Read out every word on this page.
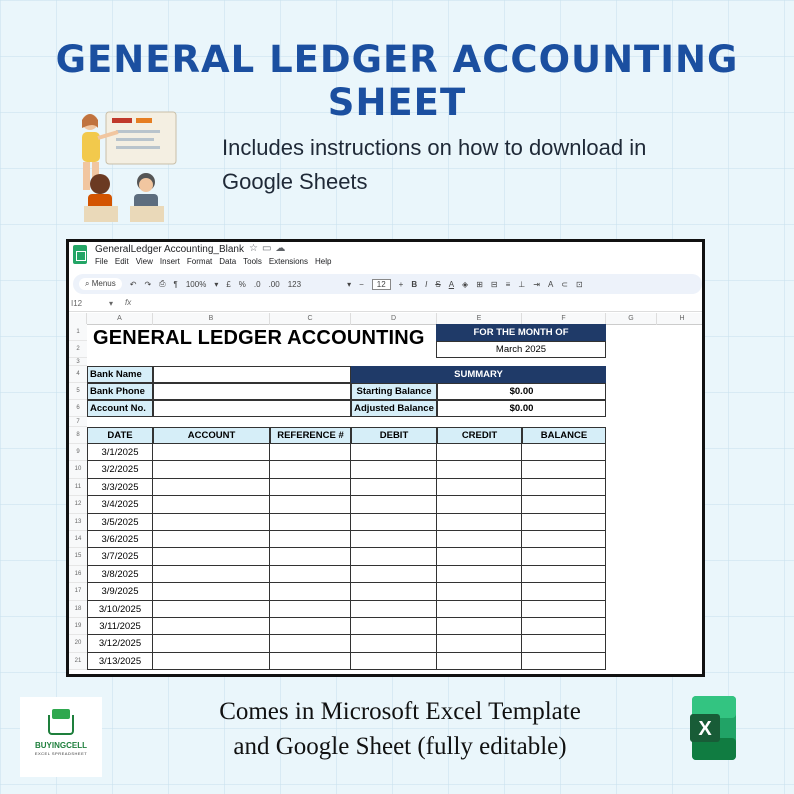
GENERAL LEDGER ACCOUNTING SHEET
Includes instructions on how to download in
Google Sheets
GeneralLedger Accounting_Blank ☆▭☁
File Edit View Insert Format Data Tools Extensions Help
⌕ Menus	↶ ↷ ⎙ ¶ 100% ▾ £ % .0 .00 123	▾ −	12	+ B I S A ◈ ⊞ ⊟ ≡ ⊥ ⇥ A ⊂ ⊡
I12	▾ fx
A	B	C	D	E	F	G	H
1
2
3
4
5
6
7
8
9
10
11
12
13
14
15
16
17
18
19
20
21
GENERAL LEDGER ACCOUNTING	FOR THE MONTH OF
March 2025
Bank Name
Bank Phone
Account No.
SUMMARY
Starting Balance	$0.00
Adjusted Balance	$0.00
DATE	ACCOUNT	REFERENCE #	DEBIT	CREDIT	BALANCE
3/1/2025
3/2/2025
3/3/2025
3/4/2025
3/5/2025
3/6/2025
3/7/2025
3/8/2025
3/9/2025
3/10/2025
3/11/2025
3/12/2025
3/13/2025
BUYINGCELL
EXCEL SPREADSHEET
Comes in Microsoft Excel Template
and Google Sheet (fully editable)
X
